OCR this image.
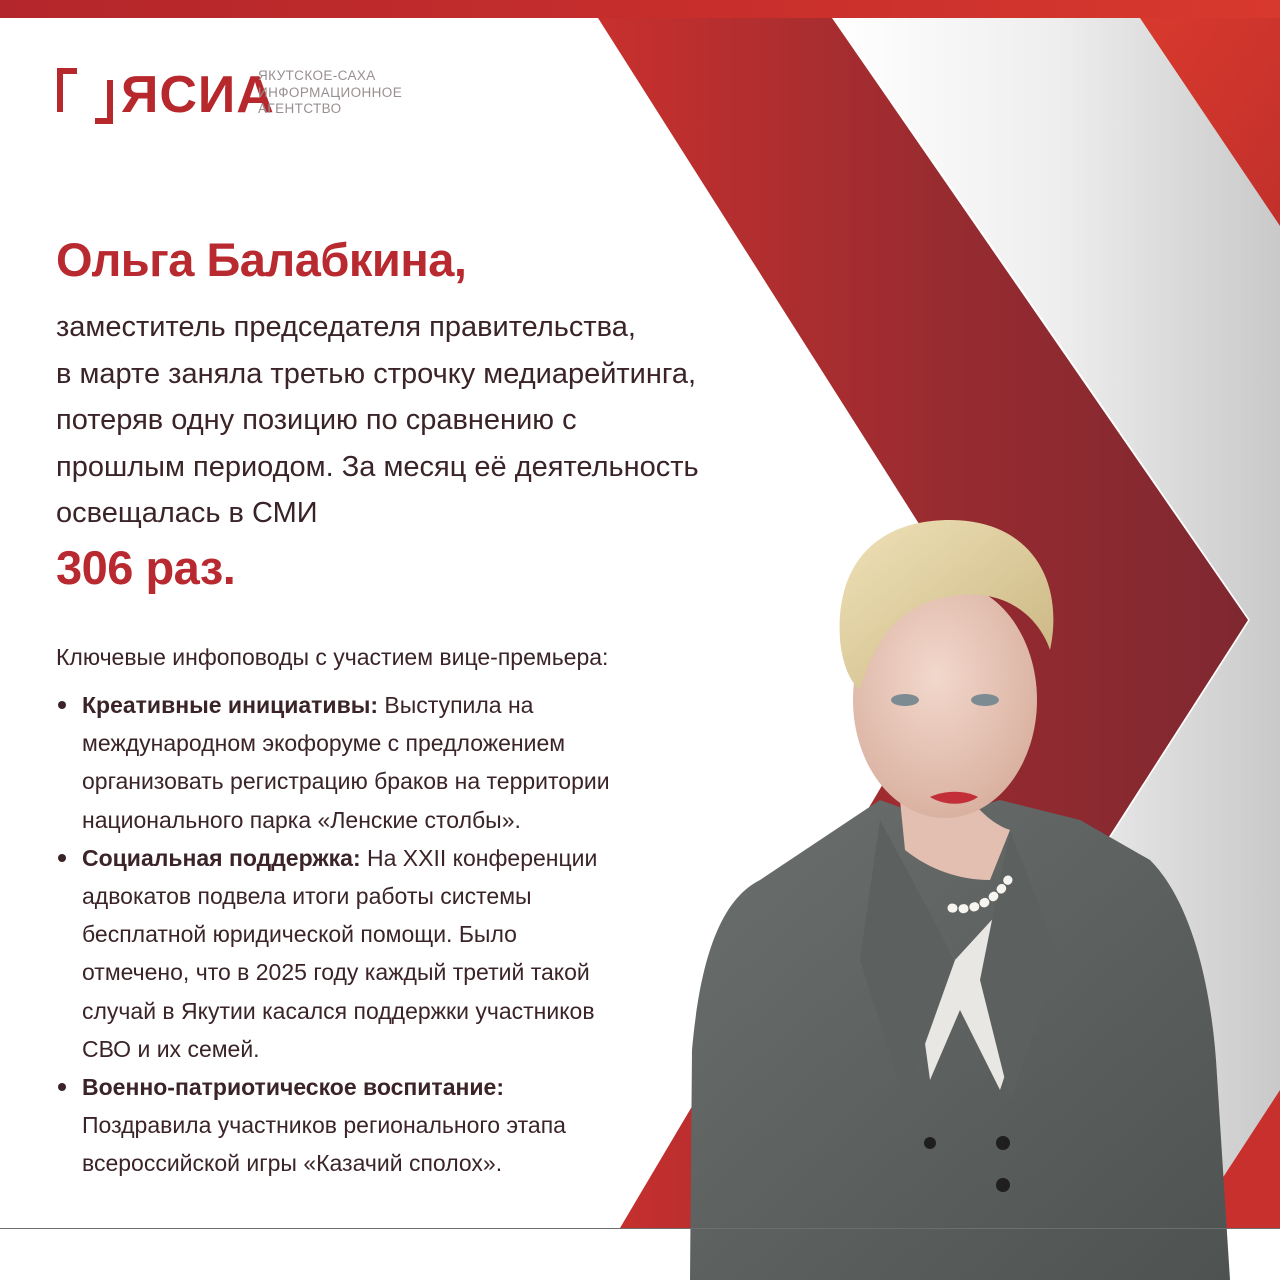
ЯСИА
ЯКУТСКОЕ-САХА
ИНФОРМАЦИОННОЕ
АГЕНТСТВО
Ольга Балабкина,
заместитель председателя правительства,
в марте заняла третью строчку медиарейтинга,
потеряв одну позицию по сравнению с
прошлым периодом. За месяц её деятельность
освещалась в СМИ
306 раз.
Ключевые инфоповоды с участием вице-премьера:
Креативные инициативы: Выступила на
международном экофоруме с предложением
организовать регистрацию браков на территории
национального парка «Ленские столбы».
Социальная поддержка: На XXII конференции
адвокатов подвела итоги работы системы
бесплатной юридической помощи. Было
отмечено, что в 2025 году каждый третий такой
случай в Якутии касался поддержки участников
СВО и их семей.
Военно-патриотическое воспитание:
Поздравила участников регионального этапа
всероссийской игры «Казачий сполох».
